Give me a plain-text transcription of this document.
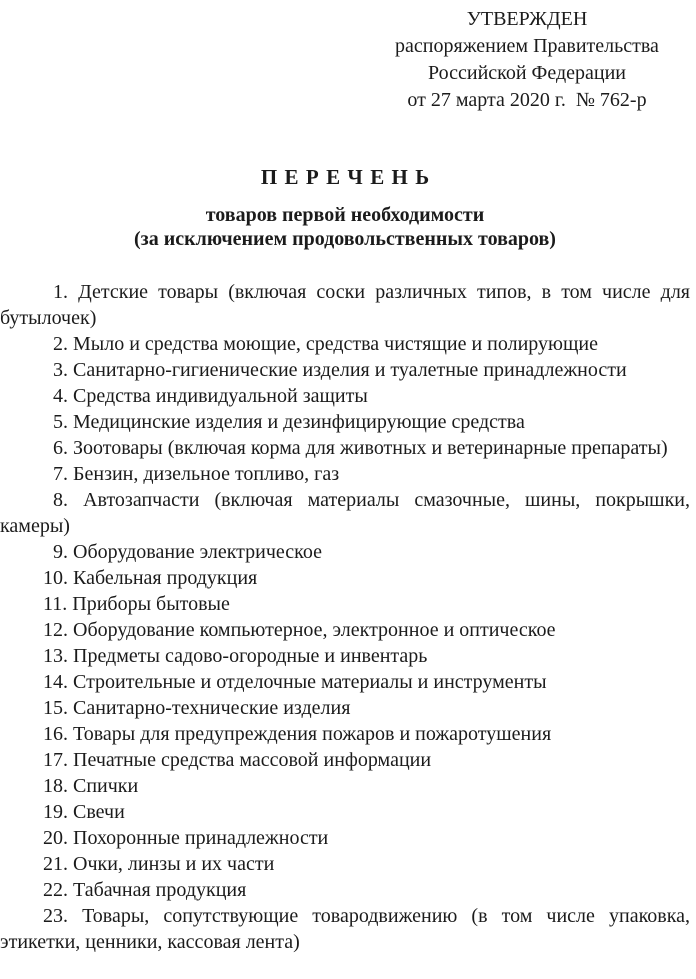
УТВЕРЖДЕН
распоряжением Правительства
Российской Федерации
от 27 марта 2020 г.  № 762-р
ПЕРЕЧЕНЬ
товаров первой необходимости
(за исключением продовольственных товаров)

1. Детские товары (включая соски различных типов, в том числе для бутылочек)

2. Мыло и средства моющие, средства чистящие и полирующие

3. Санитарно-гигиенические изделия и туалетные принадлежности

4. Средства индивидуальной защиты

5. Медицинские изделия и дезинфицирующие средства

6. Зоотовары (включая корма для животных и ветеринарные препараты)

7. Бензин, дизельное топливо, газ

8. Автозапчасти (включая материалы смазочные, шины, покрышки, камеры)

9. Оборудование электрическое

10. Кабельная продукция

11. Приборы бытовые

12. Оборудование компьютерное, электронное и оптическое

13. Предметы садово-огородные и инвентарь

14. Строительные и отделочные материалы и инструменты

15. Санитарно-технические изделия

16. Товары для предупреждения пожаров и пожаротушения

17. Печатные средства массовой информации

18. Спички

19. Свечи

20. Похоронные принадлежности

21. Очки, линзы и их части

22. Табачная продукция

23. Товары, сопутствующие товародвижению (в том числе упаковка, этикетки, ценники, кассовая лента)
